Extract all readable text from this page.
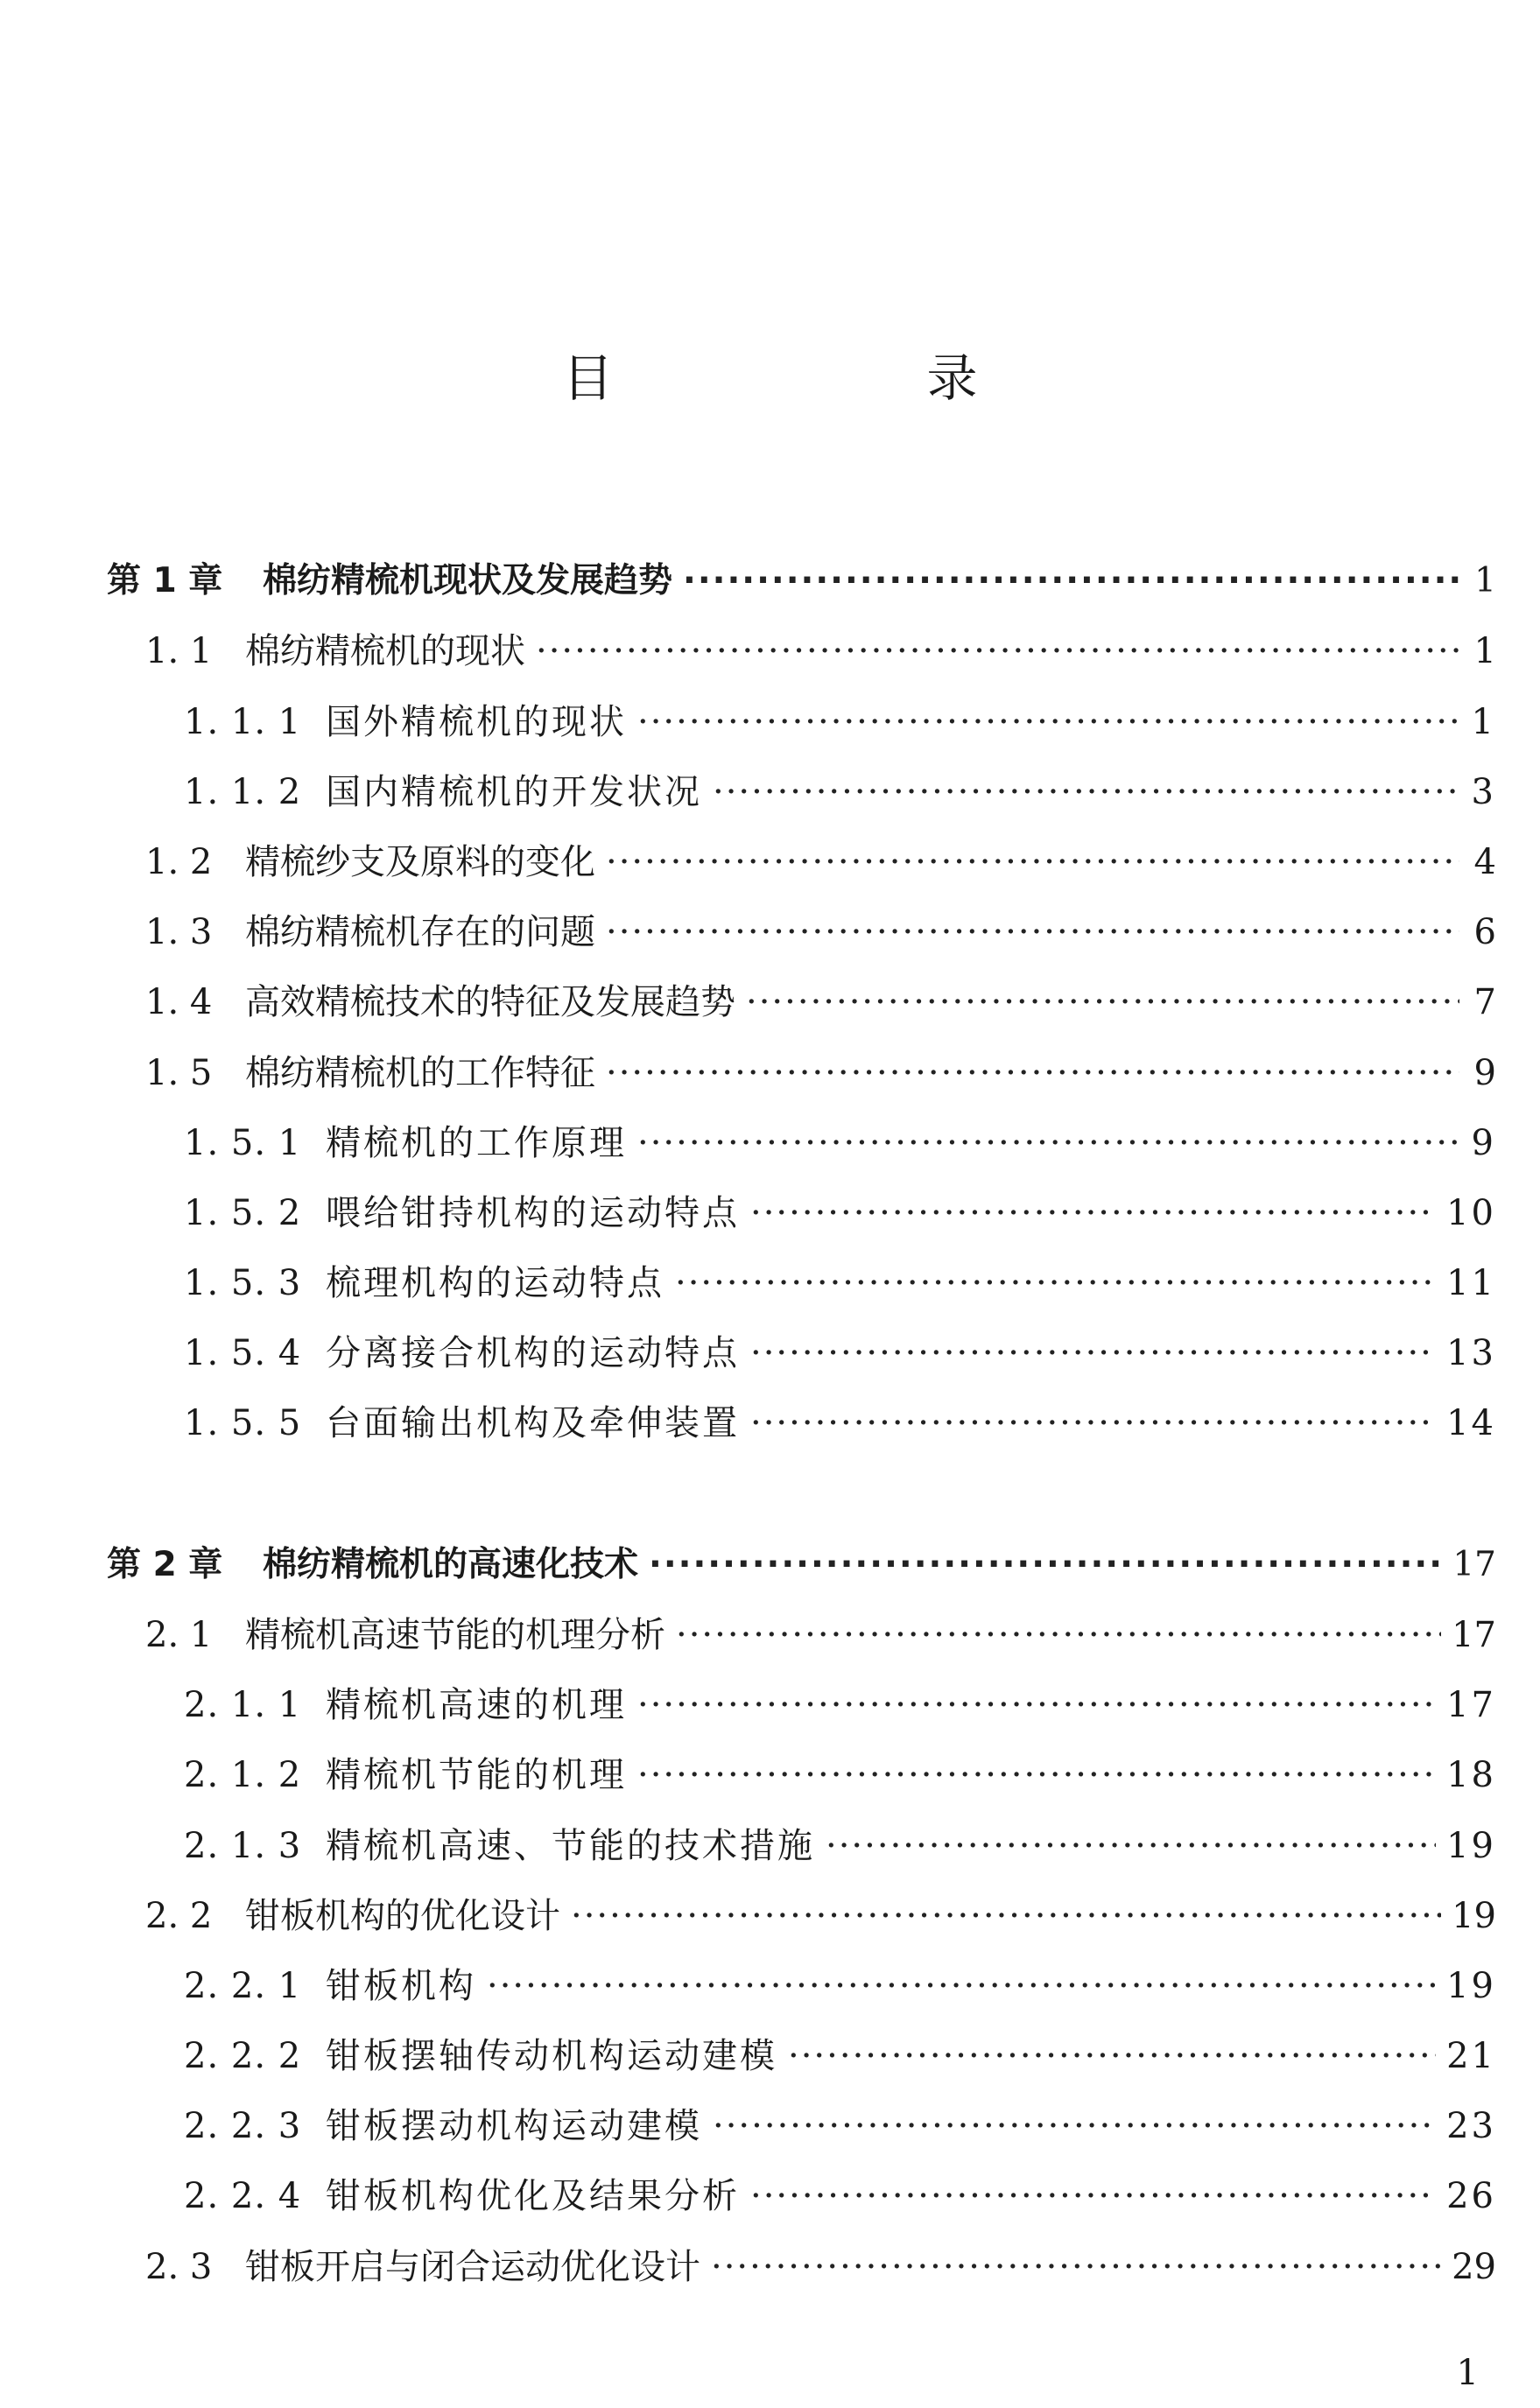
目　录
第 1 章	棉纺精梳机现状及发展趋势 ·····	1
1. 1 棉纺精梳机的现状 ·····	1
1. 1. 1 国外精梳机的现状 ·····	1
1. 1. 2 国内精梳机的开发状况 ·····	3
1. 2 精梳纱支及原料的变化 ·····	4
1. 3 棉纺精梳机存在的问题 ·····	6
1. 4 高效精梳技术的特征及发展趋势 ·····	7
1. 5 棉纺精梳机的工作特征 ·····	9
1. 5. 1 精梳机的工作原理 ·····	9
1. 5. 2 喂给钳持机构的运动特点 ·····	10
1. 5. 3 梳理机构的运动特点 ·····	11
1. 5. 4 分离接合机构的运动特点 ·····	13
1. 5. 5 台面输出机构及牵伸装置 ·····	14
第 2 章	棉纺精梳机的高速化技术 ·····	17
2. 1 精梳机高速节能的机理分析 ·····	17
2. 1. 1 精梳机高速的机理 ·····	17
2. 1. 2 精梳机节能的机理 ·····	18
2. 1. 3 精梳机高速、节能的技术措施 ·····	19
2. 2 钳板机构的优化设计 ·····	19
2. 2. 1 钳板机构 ·····	19
2. 2. 2 钳板摆轴传动机构运动建模 ·····	21
2. 2. 3 钳板摆动机构运动建模 ·····	23
2. 2. 4 钳板机构优化及结果分析 ·····	26
2. 3 钳板开启与闭合运动优化设计 ·····	29
1
